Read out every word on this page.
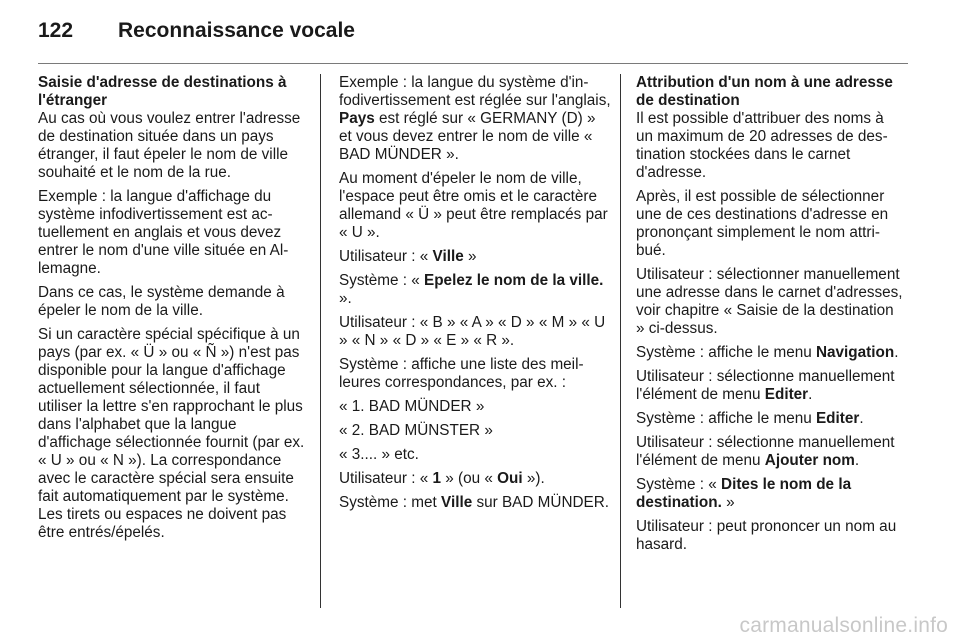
122 Reconnaissance vocale

Saisie d'adresse de destinations à l'étranger

Au cas où vous voulez entrer l'adresse de destination située dans un pays étranger, il faut épeler le nom de ville souhaité et le nom de la rue.

Exemple : la langue d'affichage du système infodivertissement est actuellement en anglais et vous devez entrer le nom d'une ville située en Allemagne.

Dans ce cas, le système demande à épeler le nom de la ville.

Si un caractère spécial spécifique à un pays (par ex. « Ü » ou « Ñ ») n'est pas disponible pour la langue d'affichage actuellement sélectionnée, il faut utiliser la lettre s'en rapprochant le plus dans l'alphabet que la langue d'affichage sélectionnée fournit (par ex. « U » ou « N »). La correspondance avec le caractère spécial sera ensuite fait automatiquement par le système. Les tirets ou espaces ne doivent pas être entrés/épelés.

Exemple : la langue du système d'infodivertissement est réglée sur l'anglais, Pays est réglé sur « GERMANY (D) » et vous devez entrer le nom de ville « BAD MÜNDER ».

Au moment d'épeler le nom de ville, l'espace peut être omis et le caractère allemand « Ü » peut être remplacés par « U ».

Utilisateur : « Ville »

Système : « Epelez le nom de la ville. ».

Utilisateur : « B » « A » « D » « M » « U » « N » « D » « E » « R ».

Système : affiche une liste des meilleures correspondances, par ex. :

« 1. BAD MÜNDER »

« 2. BAD MÜNSTER »

« 3.... » etc.

Utilisateur : « 1 » (ou « Oui »).

Système : met Ville sur BAD MÜNDER.

Attribution d'un nom à une adresse de destination

Il est possible d'attribuer des noms à un maximum de 20 adresses de destination stockées dans le carnet d'adresse.

Après, il est possible de sélectionner une de ces destinations d'adresse en prononçant simplement le nom attribué.

Utilisateur : sélectionner manuellement une adresse dans le carnet d'adresses, voir chapitre « Saisie de la destination » ci-dessus.

Système : affiche le menu Navigation.

Utilisateur : sélectionne manuellement l'élément de menu Editer.

Système : affiche le menu Editer.

Utilisateur : sélectionne manuellement l'élément de menu Ajouter nom.

Système : « Dites le nom de la destination. »

Utilisateur : peut prononcer un nom au hasard.

carmanualsonline.info
